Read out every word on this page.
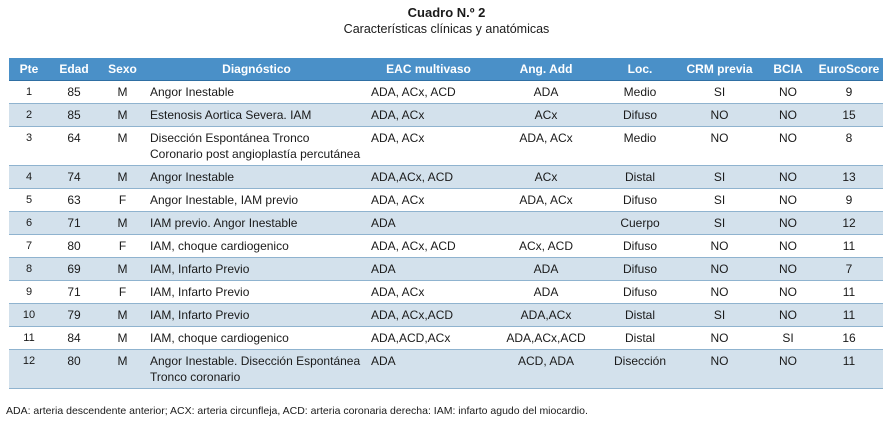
Cuadro N.º 2
Características clínicas y anatómicas
Pte	Edad	Sexo	Diagnóstico	EAC multivaso	Ang. Add	Loc.	CRM previa	BCIA	EuroScore
1	85	M	Angor Inestable	ADA, ACx, ACD	ADA	Medio	SI	NO	9
2	85	M	Estenosis Aortica Severa. IAM	ADA, ACx	ACx	Difuso	NO	NO	15
3	64	M	Disección Espontánea Tronco Coronario post angioplastía percutánea	ADA, ACx	ADA, ACx	Medio	NO	NO	8
4	74	M	Angor Inestable	ADA,ACx, ACD	ACx	Distal	SI	NO	13
5	63	F	Angor Inestable, IAM previo	ADA, ACx	ADA, ACx	Difuso	SI	NO	9
6	71	M	IAM previo. Angor Inestable	ADA		Cuerpo	SI	NO	12
7	80	F	IAM, choque cardiogenico	ADA, ACx, ACD	ACx, ACD	Difuso	NO	NO	11
8	69	M	IAM, Infarto Previo	ADA	ADA	Difuso	NO	NO	7
9	71	F	IAM, Infarto Previo	ADA, ACx	ADA	Difuso	NO	NO	11
10	79	M	IAM, Infarto Previo	ADA, ACx,ACD	ADA,ACx	Distal	SI	NO	11
11	84	M	IAM, choque cardiogenico	ADA,ACD,ACx	ADA,ACx,ACD	Distal	NO	SI	16
12	80	M	Angor Inestable. Disección Espontánea Tronco coronario	ADA	ACD, ADA	Disección	NO	NO	11
ADA: arteria descendente anterior; ACX: arteria circunfleja, ACD: arteria coronaria derecha: IAM: infarto agudo del miocardio.
